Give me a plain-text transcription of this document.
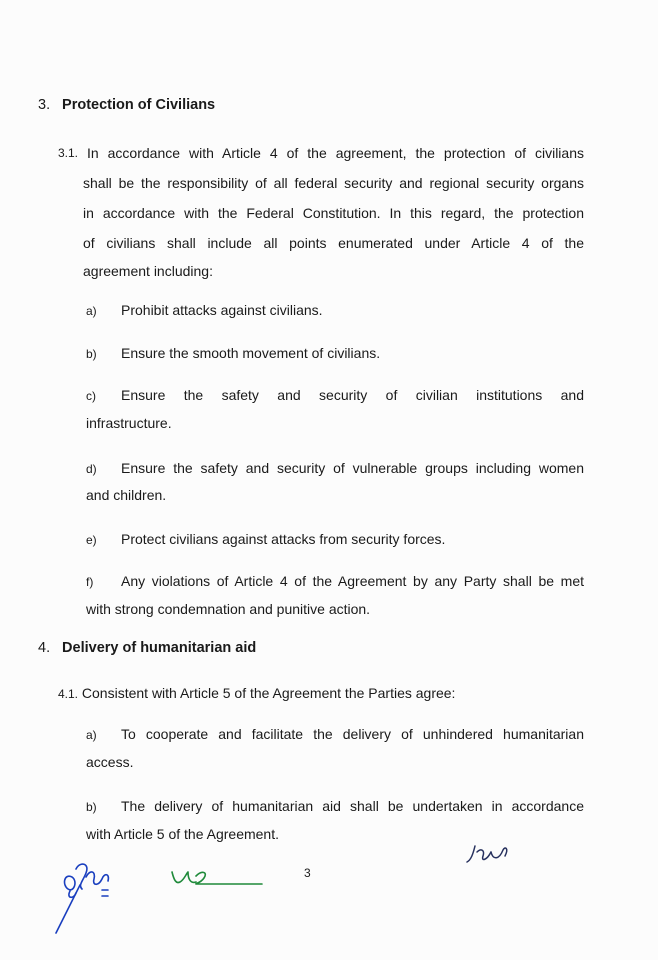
3. Protection of Civilians
3.1. In accordance with Article 4 of the agreement, the protection of civilians
shall be the responsibility of all federal security and regional security organs
in accordance with the Federal Constitution. In this regard, the protection
of civilians shall include all points enumerated under Article 4 of the
agreement including:
a) Prohibit attacks against civilians.
b) Ensure the smooth movement of civilians.
c) Ensure the safety and security of civilian institutions and
infrastructure.
d) Ensure the safety and security of vulnerable groups including women
and children.
e) Protect civilians against attacks from security forces.
f) Any violations of Article 4 of the Agreement by any Party shall be met
with strong condemnation and punitive action.
4. Delivery of humanitarian aid
4.1. Consistent with Article 5 of the Agreement the Parties agree:
a) To cooperate and facilitate the delivery of unhindered humanitarian
access.
b) The delivery of humanitarian aid shall be undertaken in accordance
with Article 5 of the Agreement.
3
